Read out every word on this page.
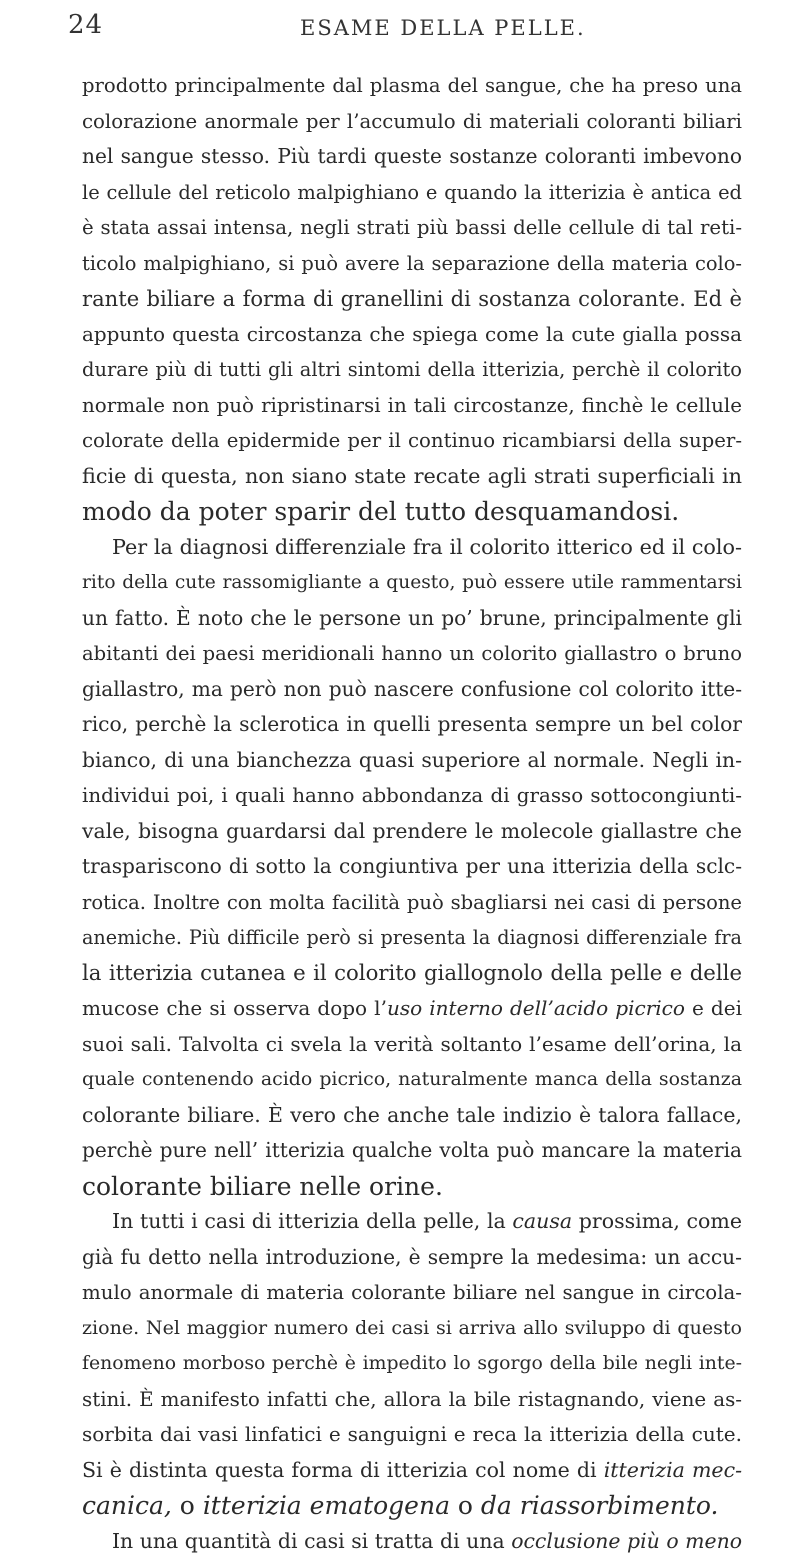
24	ESAME DELLA PELLE.
prodotto principalmente dal plasma del sangue, che ha preso una
colorazione anormale per l’accumulo di materiali coloranti biliari
nel sangue stesso. Più tardi queste sostanze coloranti imbevono
le cellule del reticolo malpighiano e quando la itterizia è antica ed
è stata assai intensa, negli strati più bassi delle cellule di tal reti-
ticolo malpighiano, si può avere la separazione della materia colo-
rante biliare a forma di granellini di sostanza colorante. Ed è
appunto questa circostanza che spiega come la cute gialla possa
durare più di tutti gli altri sintomi della itterizia, perchè il colorito
normale non può ripristinarsi in tali circostanze, finchè le cellule
colorate della epidermide per il continuo ricambiarsi della super-
ficie di questa, non siano state recate agli strati superficiali in
modo da poter sparir del tutto desquamandosi.
Per la diagnosi differenziale fra il colorito itterico ed il colo-
rito della cute rassomigliante a questo, può essere utile rammentarsi
un fatto. È noto che le persone un po’ brune, principalmente gli
abitanti dei paesi meridionali hanno un colorito giallastro o bruno
giallastro, ma però non può nascere confusione col colorito itte-
rico, perchè la sclerotica in quelli presenta sempre un bel color
bianco, di una bianchezza quasi superiore al normale. Negli in-
individui poi, i quali hanno abbondanza di grasso sottocongiunti-
vale, bisogna guardarsi dal prendere le molecole giallastre che
traspariscono di sotto la congiuntiva per una itterizia della sclc-
rotica. Inoltre con molta facilità può sbagliarsi nei casi di persone
anemiche. Più difficile però si presenta la diagnosi differenziale fra
la itterizia cutanea e il colorito giallognolo della pelle e delle
mucose che si osserva dopo l’uso interno dell’acido picrico e dei
suoi sali. Talvolta ci svela la verità soltanto l’esame dell’orina, la
quale contenendo acido picrico, naturalmente manca della sostanza
colorante biliare. È vero che anche tale indizio è talora fallace,
perchè pure nell’ itterizia qualche volta può mancare la materia
colorante biliare nelle orine.
In tutti i casi di itterizia della pelle, la causa prossima, come
già fu detto nella introduzione, è sempre la medesima: un accu-
mulo anormale di materia colorante biliare nel sangue in circola-
zione. Nel maggior numero dei casi si arriva allo sviluppo di questo
fenomeno morboso perchè è impedito lo sgorgo della bile negli inte-
stini. È manifesto infatti che, allora la bile ristagnando, viene as-
sorbita dai vasi linfatici e sanguigni e reca la itterizia della cute.
Si è distinta questa forma di itterizia col nome di itterizia mec-
canica, o itterizia ematogena o da riassorbimento.
In una quantità di casi si tratta di una occlusione più o meno
